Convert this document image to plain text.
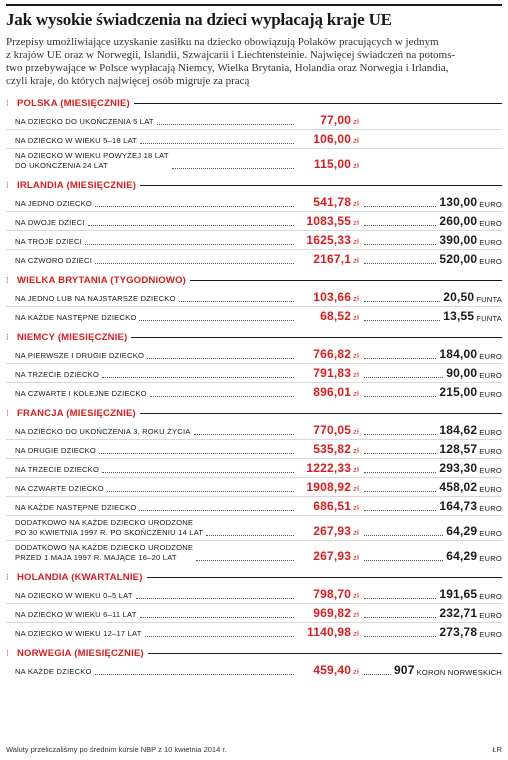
Jak wysokie świadczenia na dzieci wypłacają kraje UE
Przepisy umożliwiające uzyskanie zasiłku na dziecko obowiązują Polaków pracujących w jednym
z krajów UE oraz w Norwegii, Islandii, Szwajcarii i Liechtensteinie. Najwięcej świadczeń na potoms-
two przebywające w Polsce wypłacają Niemcy, Wielka Brytania, Holandia oraz Norwegia i Irlandia,
czyli kraje, do których najwięcej osób migruje za pracą
⁝ POLSKA (MIESIĘCZNIE)
NA DZIECKO DO UKOŃCZENIA 5 LAT	77,00 zł
NA DZIECKO W WIEKU 5–18 LAT	106,00 zł
NA DZIECKO W WIEKU POWYŻEJ 18 LAT
DO UKOŃCZENIA 24 LAT	115,00 zł
⁝ IRLANDIA (MIESIĘCZNIE)
NA JEDNO DZIECKO	541,78 zł	130,00 EURO
NA DWOJE DZIECI	1083,55 zł	260,00 EURO
NA TROJE DZIECI	1625,33 zł	390,00 EURO
NA CZWORO DZIECI	2167,1 zł	520,00 EURO
⁝ WIELKA BRYTANIA (TYGODNIOWO)
NA JEDNO LUB NA NAJSTARSZE DZIECKO	103,66 zł	20,50 FUNTA
NA KAŻDE NASTĘPNE DZIECKO	68,52 zł	13,55 FUNTA
⁝ NIEMCY (MIESIĘCZNIE)
NA PIERWSZE I DRUGIE DZIECKO	766,82 zł	184,00 EURO
NA TRZECIE DZIECKO	791,83 zł	90,00 EURO
NA CZWARTE I KOLEJNE DZIECKO	896,01 zł	215,00 EURO
⁝ FRANCJA (MIESIĘCZNIE)
NA DZIECKO DO UKOŃCZENIA 3. ROKU ŻYCIA	770,05 zł	184,62 EURO
NA DRUGIE DZIECKO	535,82 zł	128,57 EURO
NA TRZECIE DZIECKO	1222,33 zł	293,30 EURO
NA CZWARTE DZIECKO	1908,92 zł	458,02 EURO
NA KAŻDE NASTĘPNE DZIECKO	686,51 zł	164,73 EURO
DODATKOWO NA KAŻDE DZIECKO URODZONE
PO 30 KWIETNIA 1997 R. PO SKOŃCZENIU 14 LAT	267,93 zł	64,29 EURO
DODATKOWO NA KAŻDE DZIECKO URODZONE
PRZED 1 MAJA 1997 R. MAJĄCE 16–20 LAT	267,93 zł	64,29 EURO
⁝ HOLANDIA (KWARTALNIE)
NA DZIECKO W WIEKU 0–5 LAT	798,70 zł	191,65 EURO
NA DZIECKO W WIEKU 6–11 LAT	969,82 zł	232,71 EURO
NA DZIECKO W WIEKU 12–17 LAT	1140,98 zł	273,78 EURO
⁝ NORWEGIA (MIESIĘCZNIE)
NA KAŻDE DZIECKO	459,40 zł	907 KORON NORWESKICH
Waluty przeliczaliśmy po średnim kursie NBP z 10 kwietnia 2014 r.	ŁR
